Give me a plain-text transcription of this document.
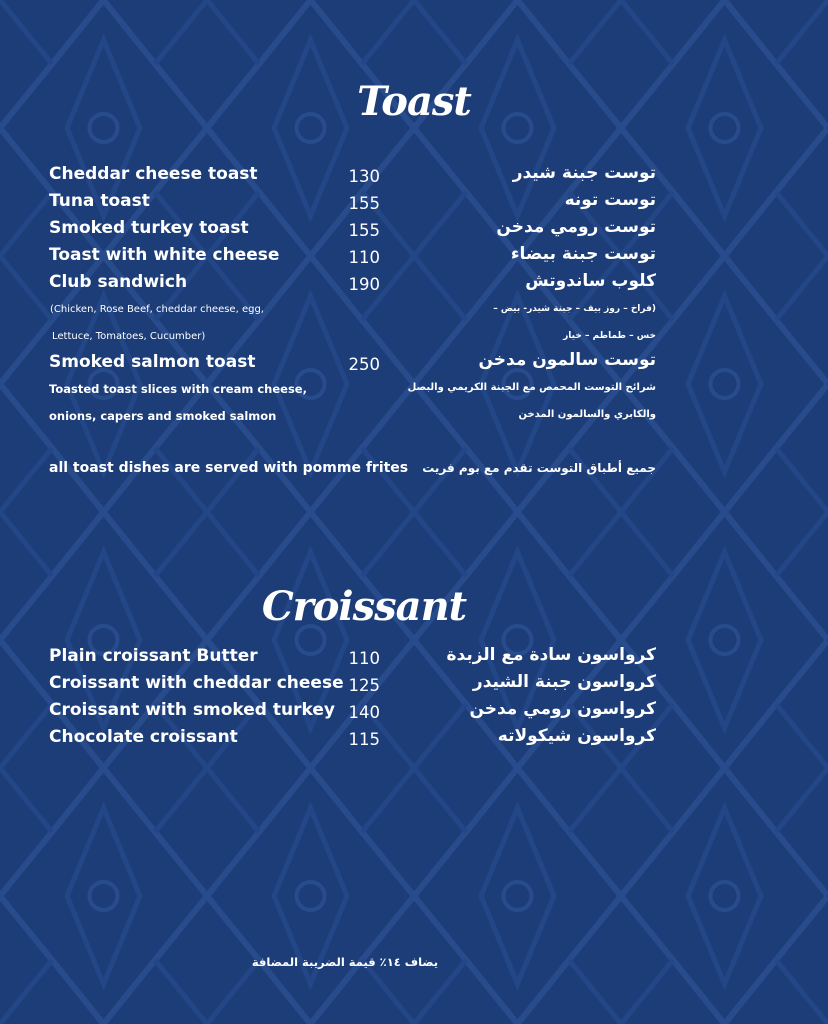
Toast
Cheddar cheese toast	130	توست جبنة شيدر
Tuna toast	155	توست تونه
Smoked turkey toast	155	توست رومي مدخن
Toast with white cheese	110	توست جبنة بيضاء
Club sandwich	190	كلوب ساندوتش
(Chicken, Rose Beef, cheddar cheese, egg,	(فراخ – روز بيف – جبنة شيدر- بيض –
Lettuce, Tomatoes, Cucumber)	خس – طماطم – خيار
Smoked salmon toast	250	توست سالمون مدخن
Toasted toast slices with cream cheese,	شرائح التوست المحمص مع الجبنة الكريمي والبصل
onions, capers and smoked salmon	والكابري والسالمون المدخن
all toast dishes are served with pomme frites جميع أطباق التوست تقدم مع بوم فريت
Croissant
Plain croissant Butter	110	كرواسون سادة مع الزبدة
Croissant with cheddar cheese 125	كرواسون جبنة الشيدر
Croissant with smoked turkey 140	كرواسون رومي مدخن
Chocolate croissant	115	كرواسون شيكولاته
يضاف ١٤٪ قيمة الضريبة المضافة
